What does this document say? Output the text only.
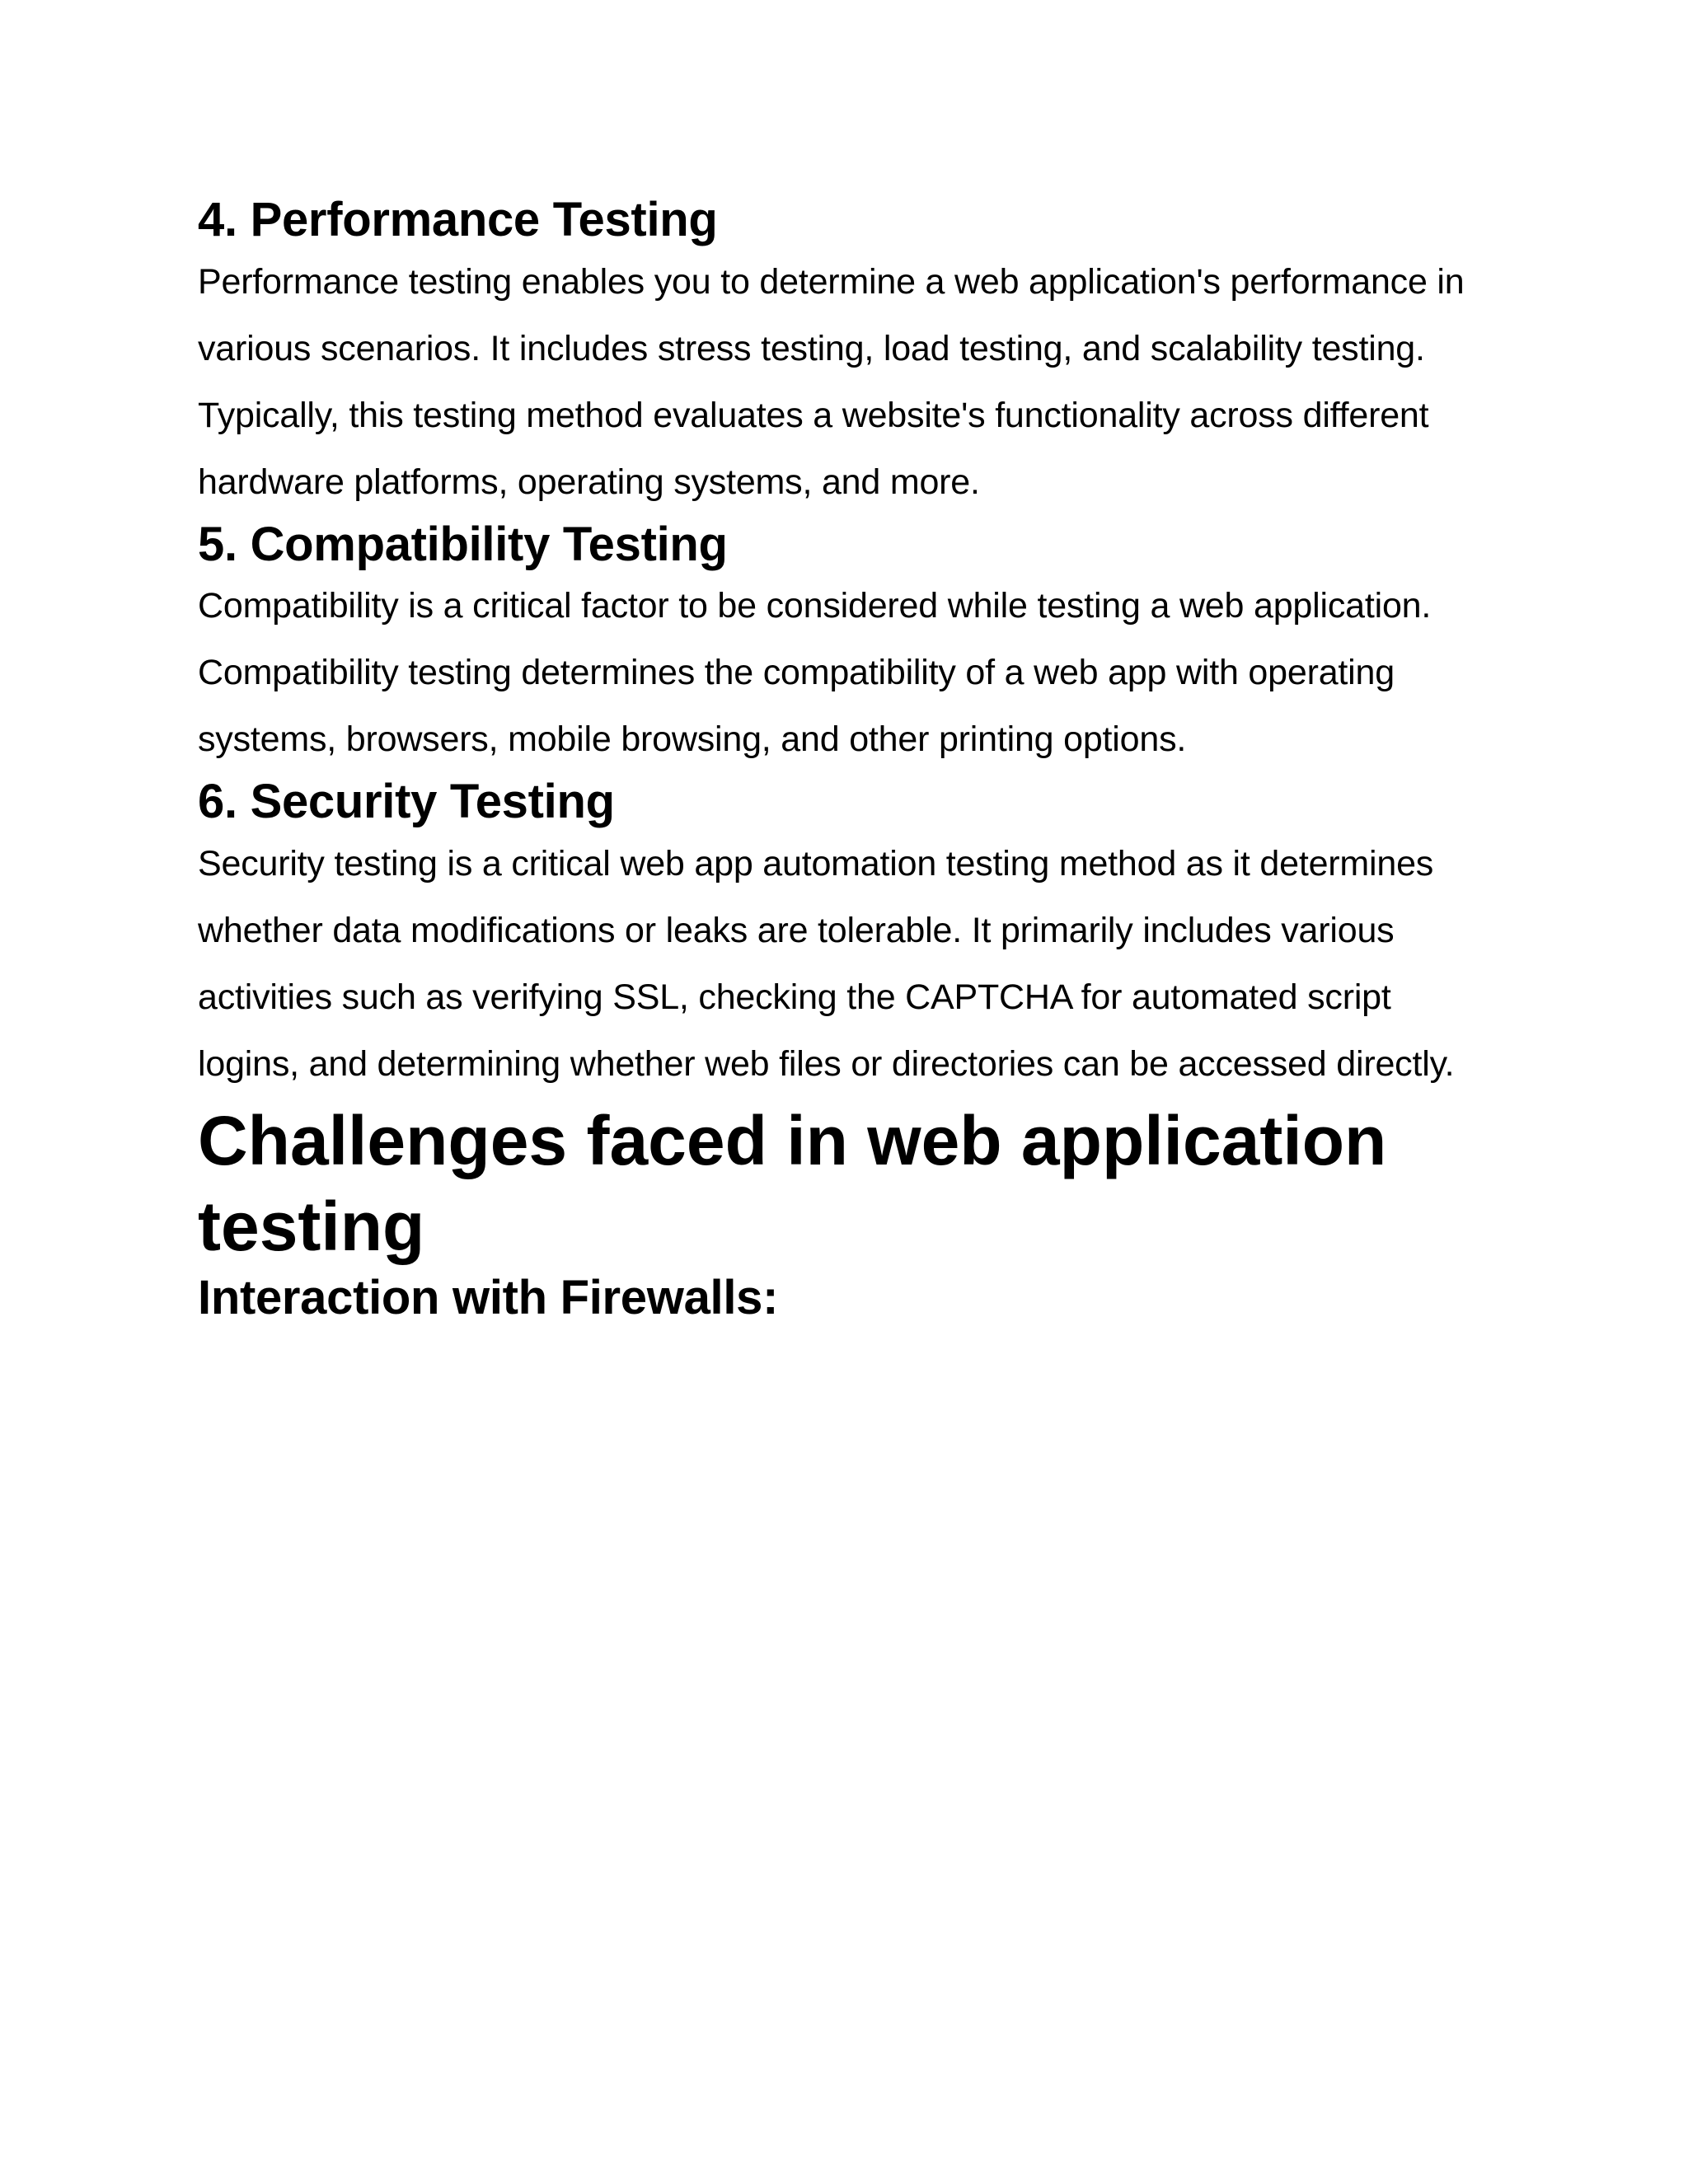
4. Performance Testing

Performance testing enables you to determine a web application's performance in various scenarios. It includes stress testing, load testing, and scalability testing. Typically, this testing method evaluates a website's functionality across different hardware platforms, operating systems, and more.

5. Compatibility Testing

Compatibility is a critical factor to be considered while testing a web application. Compatibility testing determines the compatibility of a web app with operating systems, browsers, mobile browsing, and other printing options.

6. Security Testing

Security testing is a critical web app automation testing method as it determines whether data modifications or leaks are tolerable. It primarily includes various activities such as verifying SSL, checking the CAPTCHA for automated script logins, and determining whether web files or directories can be accessed directly.

Challenges faced in web application testing
Interaction with Firewalls:
